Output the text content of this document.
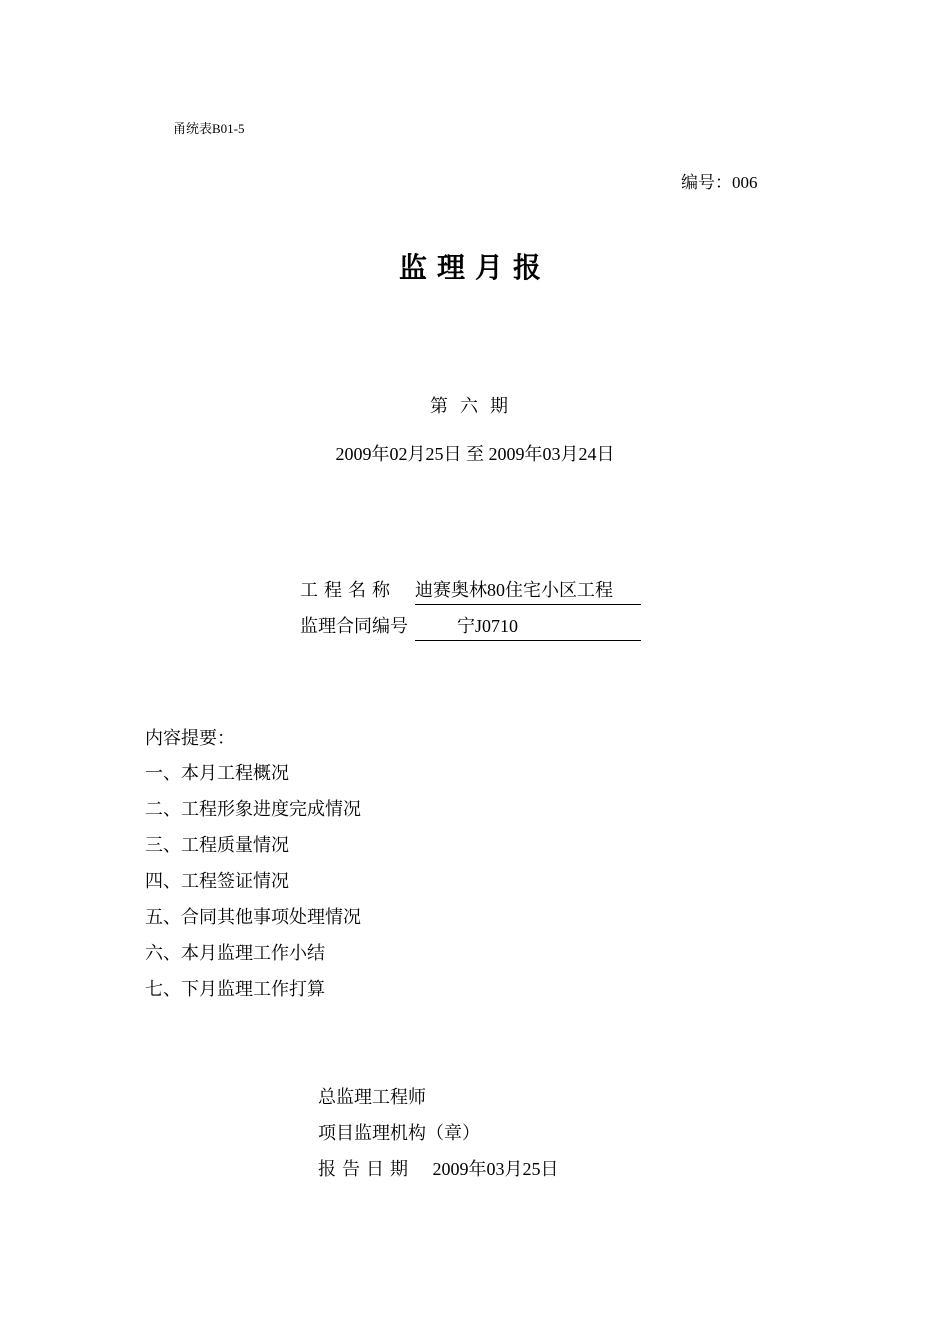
甬统表B01-5
编号：006
监理月报
第六期
2009年02月25日 至 2009年03月24日
工程名称 迪赛奥林80住宅小区工程
监理合同编号	宁J0710
内容提要：
一、本月工程概况
二、工程形象进度完成情况
三、工程质量情况
四、工程签证情况
五、合同其他事项处理情况
六、本月监理工作小结
七、下月监理工作打算
总监理工程师
项目监理机构（章）
报告日期 2009年03月25日
